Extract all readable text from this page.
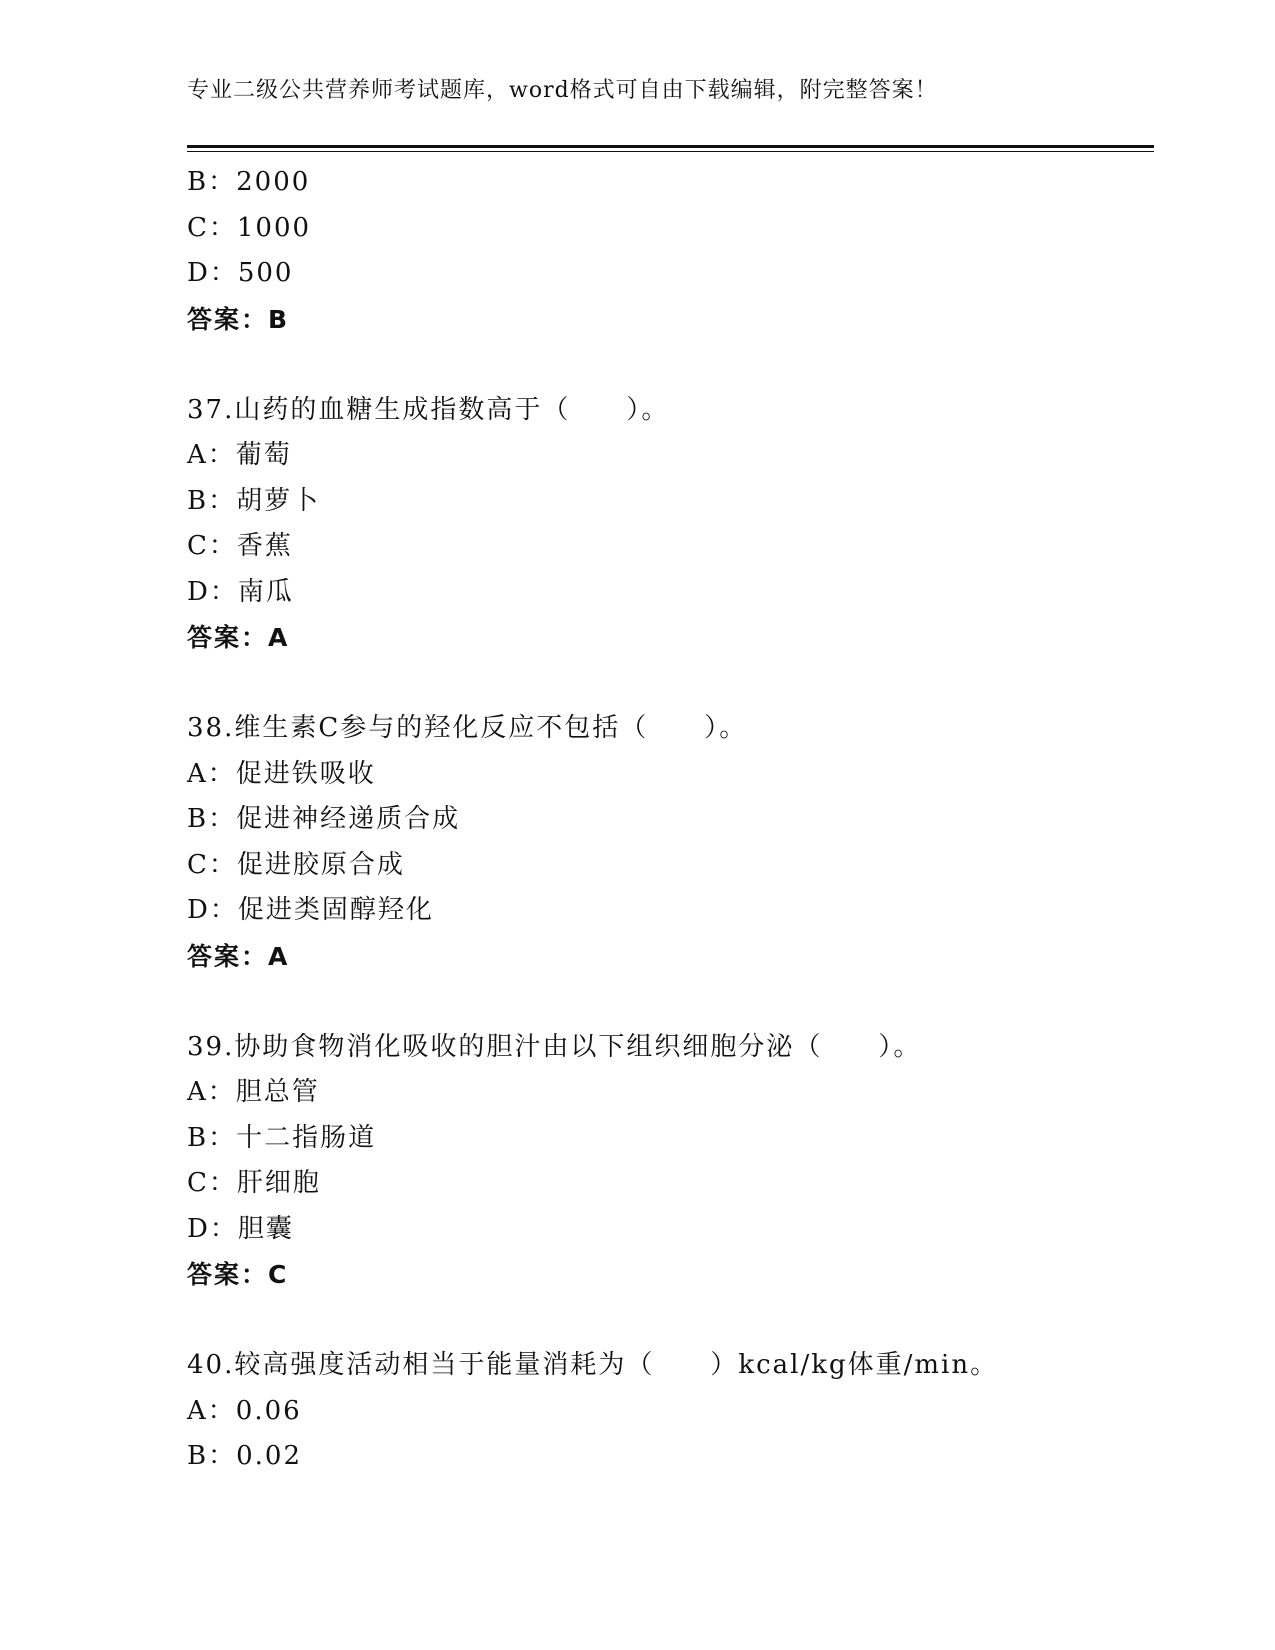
专业二级公共营养师考试题库，word格式可自由下载编辑，附完整答案！
B：2000
C：1000
D：500
答案：B
37.山药的血糖生成指数高于（　　）。
A：葡萄
B：胡萝卜
C：香蕉
D：南瓜
答案：A
38.维生素C参与的羟化反应不包括（　　）。
A：促进铁吸收
B：促进神经递质合成
C：促进胶原合成
D：促进类固醇羟化
答案：A
39.协助食物消化吸收的胆汁由以下组织细胞分泌（　　）。
A：胆总管
B：十二指肠道
C：肝细胞
D：胆囊
答案：C
40.较高强度活动相当于能量消耗为（　　）kcal/kg体重/min。
A：0.06
B：0.02
